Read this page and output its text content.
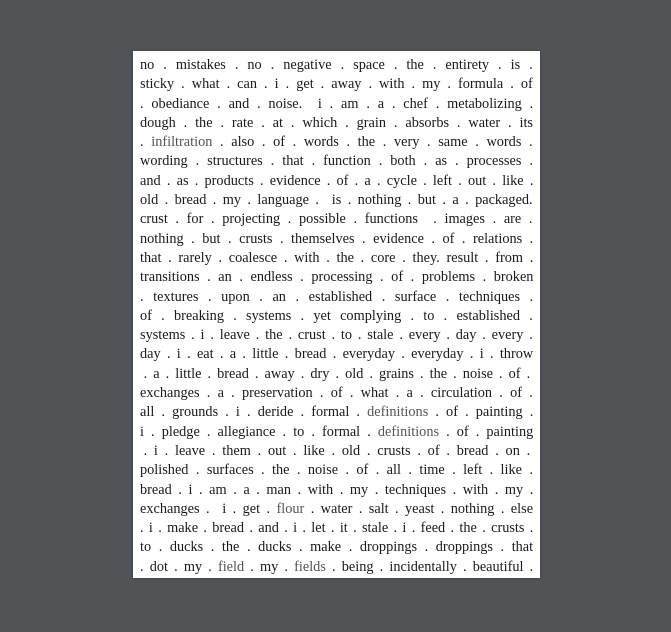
no . mistakes . no . negative . space . the . entirety . is .
sticky . what . can . i . get . away . with . my . formula . of
. obediance . and . noise.  i . am . a . chef . metabolizing .
dough . the . rate . at . which . grain . absorbs . water . its
. infiltration . also . of . words . the . very . same . words .
wording . structures . that . function . both . as . processes .
and . as . products . evidence . of . a . cycle . left . out . like .
old . bread . my . language .  is . nothing . but . a . packaged.
crust . for . projecting . possible . functions  . images . are .
nothing . but . crusts . themselves . evidence . of . relations .
that . rarely . coalesce . with . the . core . they. result . from .
transitions . an . endless . processing . of . problems . broken
. textures . upon . an . established . surface . techniques .
of . breaking . systems . yet complying . to . established .
systems . i . leave . the . crust . to . stale . every . day . every .
day . i . eat . a . little . bread . everyday . everyday . i . throw
. a . little . bread . away . dry . old . grains . the . noise . of .
exchanges . a . preservation . of . what . a . circulation . of .
all . grounds . i . deride . formal . definitions . of . painting .
i . pledge . allegiance . to . formal . definitions . of . painting
. i . leave . them . out . like . old . crusts . of . bread . on .
polished . surfaces . the . noise . of . all . time . left . like .
bread . i . am . a . man . with . my . techniques . with . my .
exchanges .  i . get . flour . water . salt . yeast . nothing . else
. i . make . bread . and . i . let . it . stale . i . feed . the . crusts .
to . ducks . the . ducks . make . droppings . droppings . that
. dot . my . field . my . fields . being . incidentally . beautiful .
